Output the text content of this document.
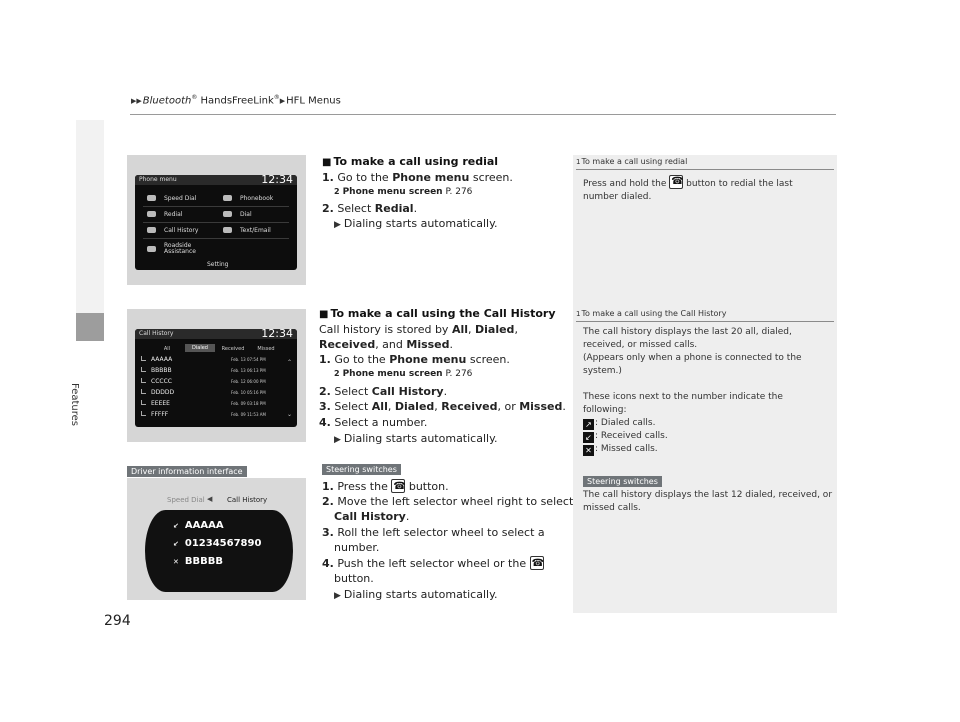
▶▶Bluetooth® HandsFreeLink®▶HFL Menus
Features
294
Phone menu	12:34
Speed Dial	Phonebook
Redial	Dial
Call History	Text/Email
Roadside Assistance
Setting
■ To make a call using redial
1. Go to the Phone menu screen.
2 Phone menu screen P. 276
2. Select Redial.
▶ Dialing starts automatically.
Call History	12:34
All	Dialed	Received	Missed
AAAAA	Feb. 13 07:54 PM
BBBBB	Feb. 13 06:13 PM
CCCCC	Feb. 12 06:00 PM
DDDDD	Feb. 10 05:16 PM
EEEEE	Feb. 09 03:18 PM
FFFFF	Feb. 09 11:53 AM
⌃
⌄
■ To make a call using the Call History
Call history is stored by All, Dialed,
Received, and Missed.
1. Go to the Phone menu screen.
2 Phone menu screen P. 276
2. Select Call History.
3. Select All, Dialed, Received, or Missed.
4. Select a number.
▶ Dialing starts automatically.
Driver information interface
Speed Dial ◀ Call History
↙ AAAAA
↙ 01234567890
✕ BBBBB
Steering switches
1. Press the ☎ button.
2. Move the left selector wheel right to select
Call History.
3. Roll the left selector wheel to select a
number.
4. Push the left selector wheel or the ☎
button.
▶ Dialing starts automatically.
1To make a call using redial
Press and hold the ☎ button to redial the last
number dialed.
1To make a call using the Call History
The call history displays the last 20 all, dialed,
received, or missed calls.
(Appears only when a phone is connected to the
system.)
These icons next to the number indicate the
following:
↗ : Dialed calls.
↙ : Received calls.
✕ : Missed calls.
Steering switches
The call history displays the last 12 dialed, received, or
missed calls.
